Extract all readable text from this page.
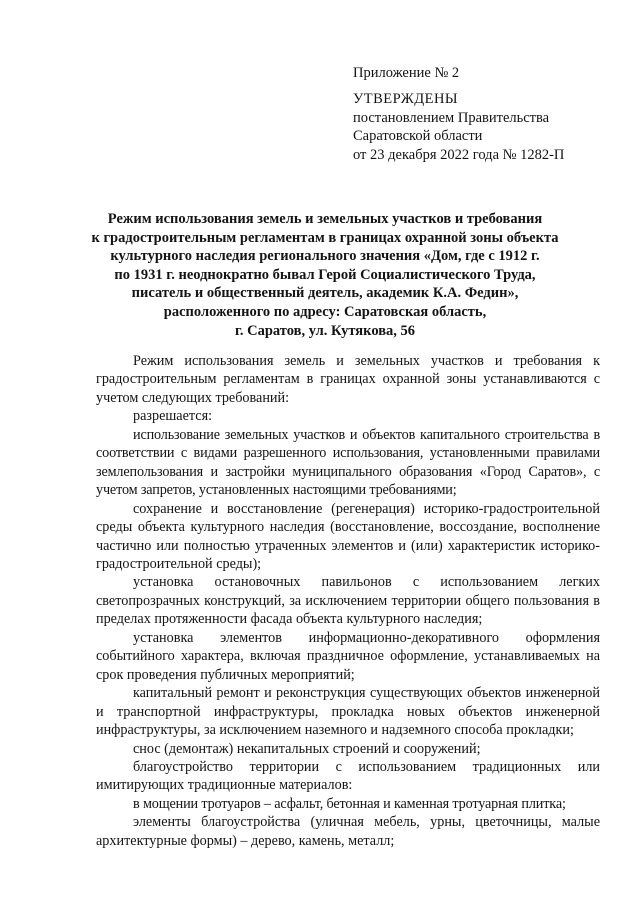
Приложение № 2
УТВЕРЖДЕНЫ
постановлением Правительства
Саратовской области
от 23 декабря 2022 года № 1282-П
Режим использования земель и земельных участков и требования
к градостроительным регламентам в границах охранной зоны объекта
культурного наследия регионального значения «Дом, где с 1912 г.
по 1931 г. неоднократно бывал Герой Социалистического Труда,
писатель и общественный деятель, академик К.А. Федин»,
расположенного по адресу: Саратовская область,
г. Саратов, ул. Кутякова, 56

Режим использования земель и земельных участков и требования к градостроительным регламентам в границах охранной зоны устанавливаются с учетом следующих требований:

разрешается:

использование земельных участков и объектов капитального строительства в соответствии с видами разрешенного использования, установленными правилами землепользования и застройки муниципального образования «Город Саратов», с учетом запретов, установленных настоящими требованиями;

сохранение и восстановление (регенерация) историко-градостроительной среды объекта культурного наследия (восстановление, воссоздание, восполнение частично или полностью утраченных элементов и (или) характеристик историко-градостроительной среды);

установка остановочных павильонов с использованием легких светопрозрачных конструкций, за исключением территории общего пользования в пределах протяженности фасада объекта культурного наследия;

установка элементов информационно-декоративного оформления событийного характера, включая праздничное оформление, устанавливаемых на срок проведения публичных мероприятий;

капитальный ремонт и реконструкция существующих объектов инженерной и транспортной инфраструктуры, прокладка новых объектов инженерной инфраструктуры, за исключением наземного и надземного способа прокладки;

снос (демонтаж) некапитальных строений и сооружений;

благоустройство территории с использованием традиционных или имитирующих традиционные материалов:

в мощении тротуаров – асфальт, бетонная и каменная тротуарная плитка;

элементы благоустройства (уличная мебель, урны, цветочницы, малые архитектурные формы) – дерево, камень, металл;
